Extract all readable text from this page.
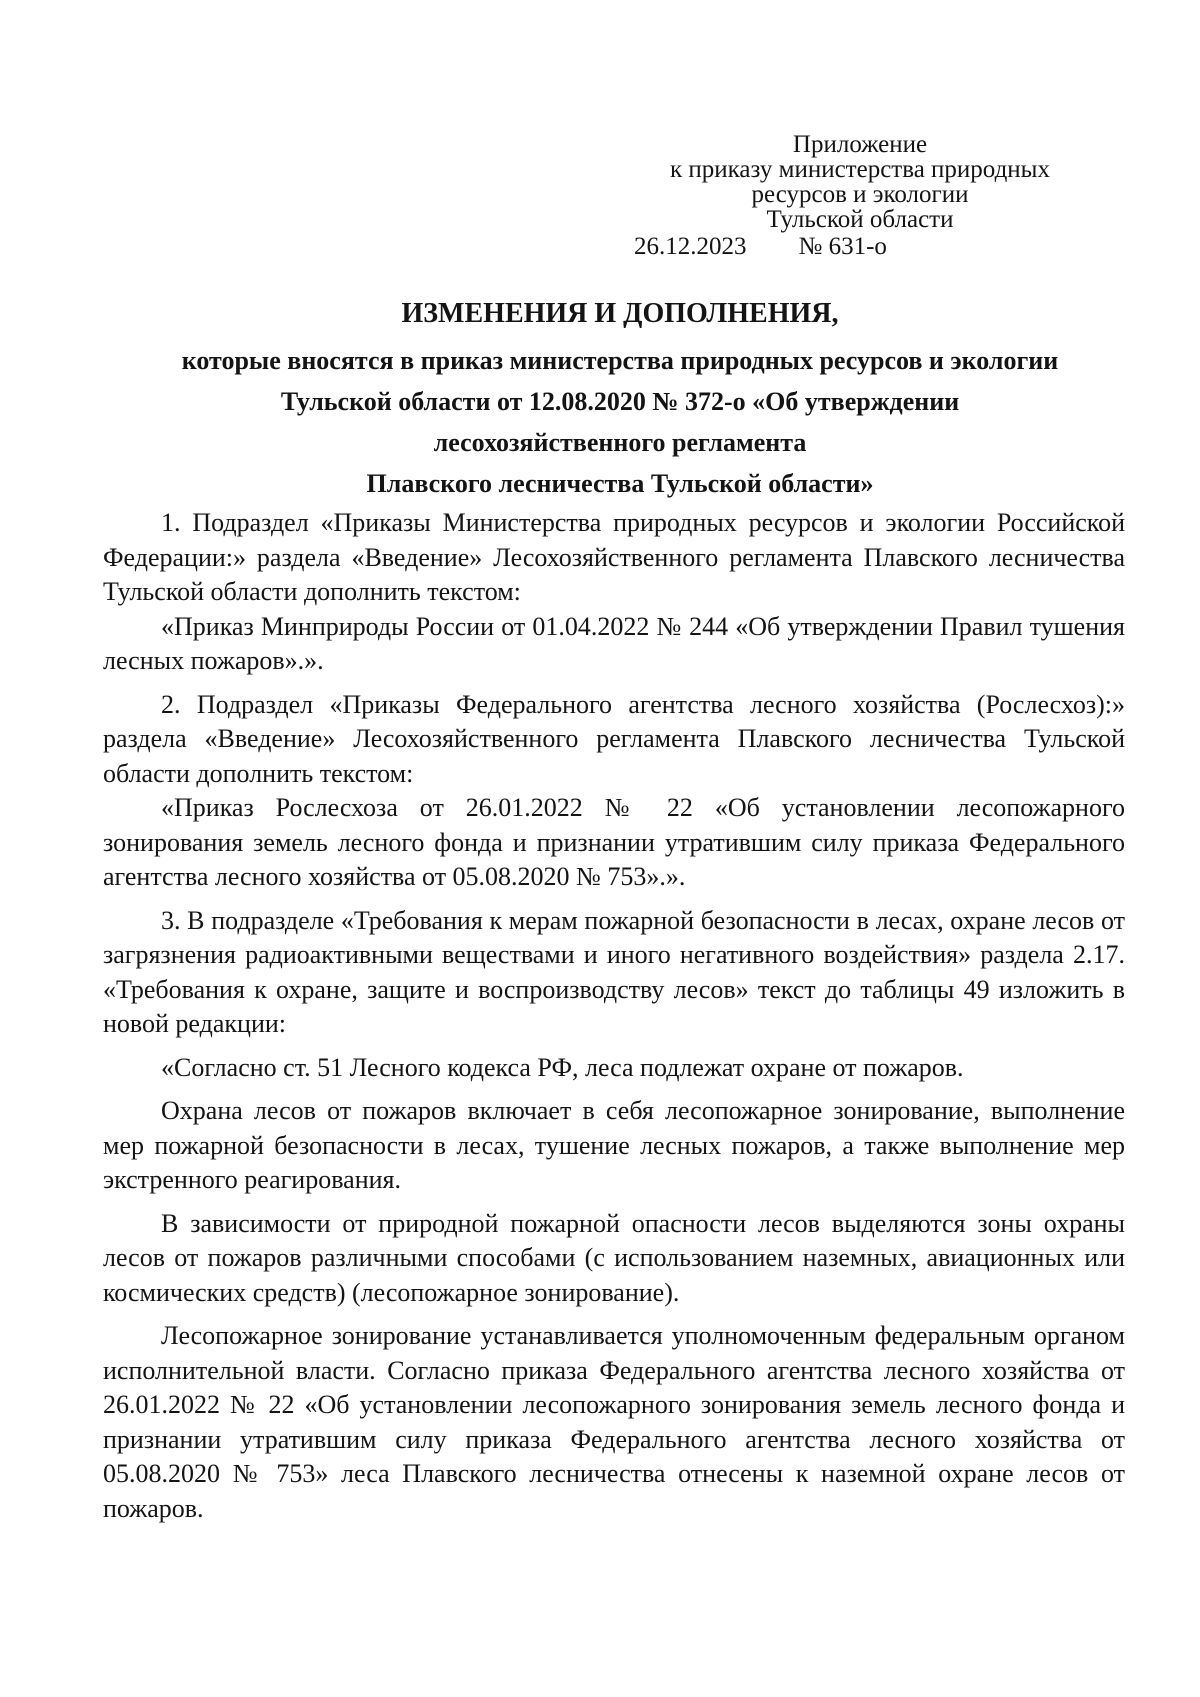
Приложение
к приказу министерства природных
ресурсов и экологии
Тульской области
26.12.2023 № 631-о
ИЗМЕНЕНИЯ И ДОПОЛНЕНИЯ,
которые вносятся в приказ министерства природных ресурсов и экологии
Тульской области от 12.08.2020 № 372-о «Об утверждении
лесохозяйственного регламента
Плавского лесничества Тульской области»

1. Подраздел «Приказы Министерства природных ресурсов и экологии Российской Федерации:» раздела «Введение» Лесохозяйственного регламента Плавского лесничества Тульской области дополнить текстом:

«Приказ Минприроды России от 01.04.2022 № 244 «Об утверждении Правил тушения лесных пожаров».».

2. Подраздел «Приказы Федерального агентства лесного хозяйства (Рослесхоз):» раздела «Введение» Лесохозяйственного регламента Плавского лесничества Тульской области дополнить текстом:

«Приказ Рослесхоза от 26.01.2022 № 22 «Об установлении лесопожарного зонирования земель лесного фонда и признании утратившим силу приказа Федерального агентства лесного хозяйства от 05.08.2020 № 753».».

3. В подразделе «Требования к мерам пожарной безопасности в лесах, охране лесов от загрязнения радиоактивными веществами и иного негативного воздействия» раздела 2.17. «Требования к охране, защите и воспроизводству лесов» текст до таблицы 49 изложить в новой редакции:

«Согласно ст. 51 Лесного кодекса РФ, леса подлежат охране от пожаров.

Охрана лесов от пожаров включает в себя лесопожарное зонирование, выполнение мер пожарной безопасности в лесах, тушение лесных пожаров, а также выполнение мер экстренного реагирования.

В зависимости от природной пожарной опасности лесов выделяются зоны охраны лесов от пожаров различными способами (с использованием наземных, авиационных или космических средств) (лесопожарное зонирование).

Лесопожарное зонирование устанавливается уполномоченным федеральным органом исполнительной власти. Согласно приказа Федерального агентства лесного хозяйства от 26.01.2022 № 22 «Об установлении лесопожарного зонирования земель лесного фонда и признании утратившим силу приказа Федерального агентства лесного хозяйства от 05.08.2020 № 753» леса Плавского лесничества отнесены к наземной охране лесов от пожаров.
